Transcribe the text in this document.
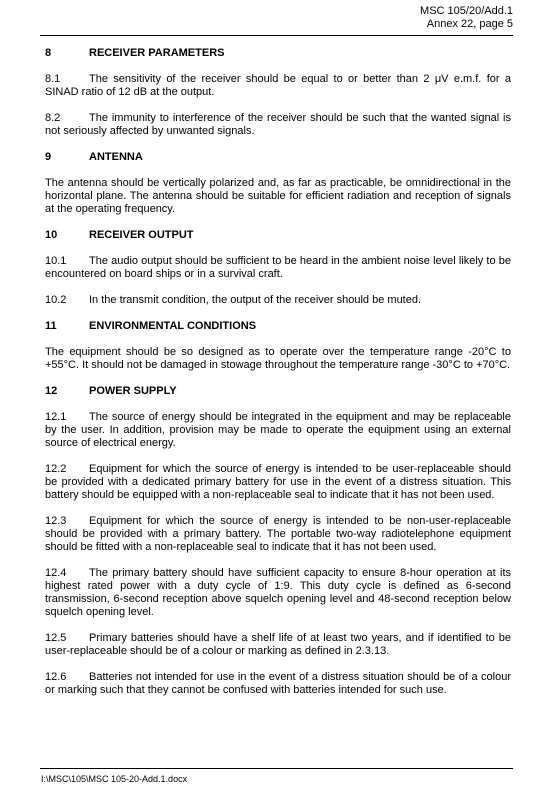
MSC 105/20/Add.1
Annex 22, page 5
8	RECEIVER PARAMETERS
8.1	The sensitivity of the receiver should be equal to or better than 2 μV e.m.f. for a SINAD ratio of 12 dB at the output.
8.2	The immunity to interference of the receiver should be such that the wanted signal is not seriously affected by unwanted signals.
9	ANTENNA
The antenna should be vertically polarized and, as far as practicable, be omnidirectional in the horizontal plane. The antenna should be suitable for efficient radiation and reception of signals at the operating frequency.
10	RECEIVER OUTPUT
10.1 The audio output should be sufficient to be heard in the ambient noise level likely to be encountered on board ships or in a survival craft.
10.2 In the transmit condition, the output of the receiver should be muted.
11	ENVIRONMENTAL CONDITIONS
The equipment should be so designed as to operate over the temperature range -20°C to +55°C. It should not be damaged in stowage throughout the temperature range -30°C to +70°C.
12	POWER SUPPLY
12.1 The source of energy should be integrated in the equipment and may be replaceable by the user. In addition, provision may be made to operate the equipment using an external source of electrical energy.
12.2 Equipment for which the source of energy is intended to be user-replaceable should be provided with a dedicated primary battery for use in the event of a distress situation. This battery should be equipped with a non-replaceable seal to indicate that it has not been used.
12.3 Equipment for which the source of energy is intended to be non-user-replaceable should be provided with a primary battery. The portable two-way radiotelephone equipment should be fitted with a non-replaceable seal to indicate that it has not been used.
12.4 The primary battery should have sufficient capacity to ensure 8-hour operation at its highest rated power with a duty cycle of 1:9. This duty cycle is defined as 6-second transmission, 6-second reception above squelch opening level and 48-second reception below squelch opening level.
12.5 Primary batteries should have a shelf life of at least two years, and if identified to be user-replaceable should be of a colour or marking as defined in 2.3.13.
12.6 Batteries not intended for use in the event of a distress situation should be of a colour or marking such that they cannot be confused with batteries intended for such use.
I:\MSC\105\MSC 105-20-Add.1.docx
